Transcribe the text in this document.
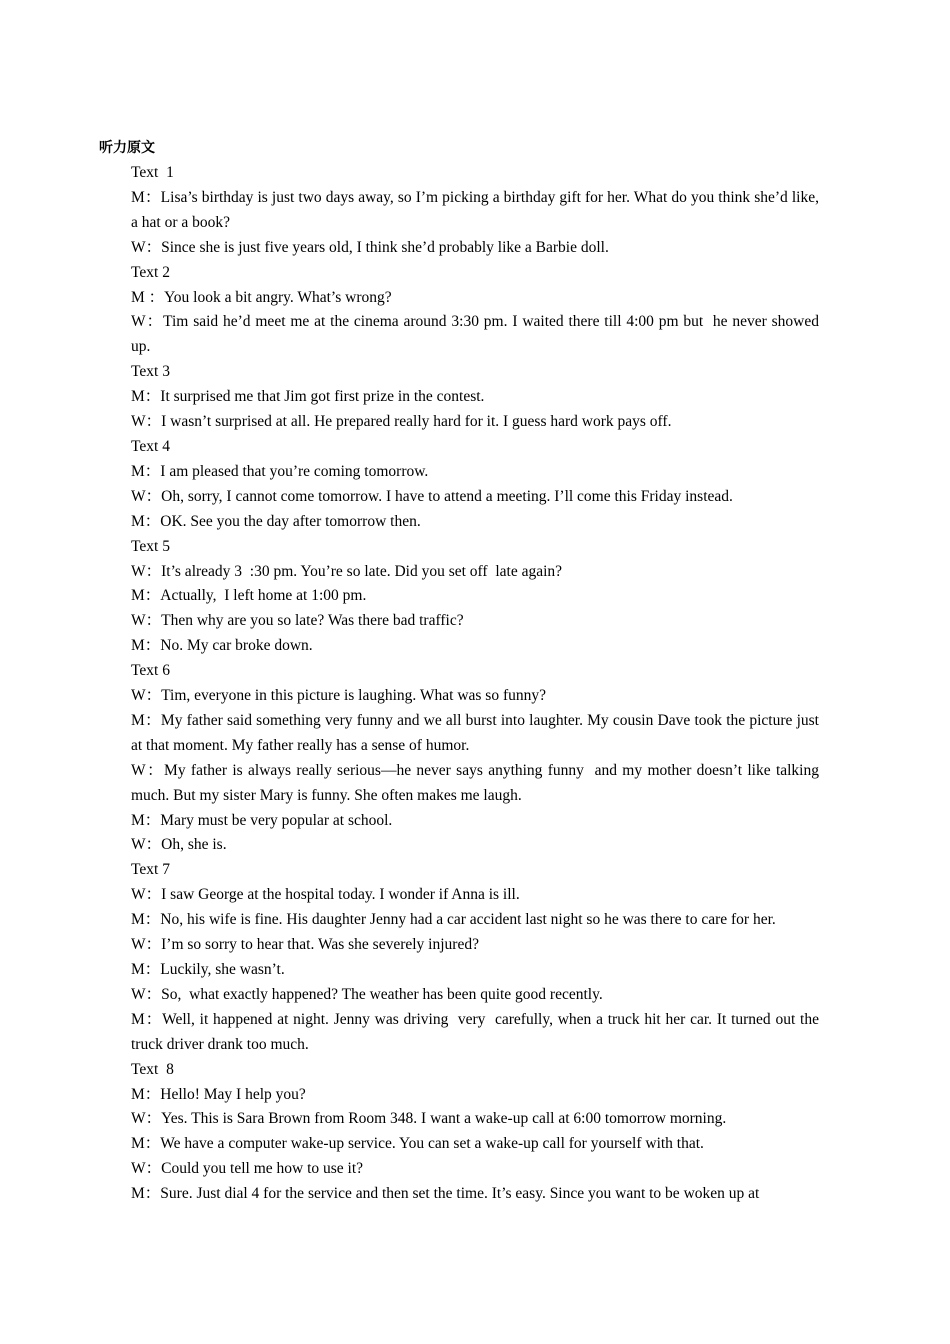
听力原文

Text  1

M：Lisa’s birthday is just two days away, so I’m picking a birthday gift for her. What do you think she’d like, a hat or a book?

W：Since she is just five years old, I think she’d probably like a Barbie doll.

Text 2

M ：You look a bit angry. What’s wrong?

W：Tim said he’d meet me at the cinema around 3:30 pm. I waited there till 4:00 pm but  he never showed up.

Text 3

M：It surprised me that Jim got first prize in the contest.

W：I wasn’t surprised at all. He prepared really hard for it. I guess hard work pays off.

Text 4

M：I am pleased that you’re coming tomorrow.

W：Oh, sorry, I cannot come tomorrow. I have to attend a meeting. I’ll come this Friday instead.

M：OK. See you the day after tomorrow then.

Text 5

W：It’s already 3  :30 pm. You’re so late. Did you set off  late again?

M：Actually,  I left home at 1:00 pm.

W：Then why are you so late? Was there bad traffic?

M：No. My car broke down.

Text 6

W：Tim, everyone in this picture is laughing. What was so funny?

M：My father said something very funny and we all burst into laughter. My cousin Dave took the picture just at that moment. My father really has a sense of humor.

W：My father is always really serious—he never says anything funny  and my mother doesn’t like talking much. But my sister Mary is funny. She often makes me laugh.

M：Mary must be very popular at school.

W：Oh, she is.

Text 7

W：I saw George at the hospital today. I wonder if Anna is ill.

M：No, his wife is fine. His daughter Jenny had a car accident last night so he was there to care for her.

W：I’m so sorry to hear that. Was she severely injured?

M：Luckily, she wasn’t.

W：So,  what exactly happened? The weather has been quite good recently.

M：Well, it happened at night. Jenny was driving  very  carefully, when a truck hit her car. It turned out the truck driver drank too much.

Text  8

M：Hello! May I help you?

W：Yes. This is Sara Brown from Room 348. I want a wake-up call at 6:00 tomorrow morning.

M：We have a computer wake-up service. You can set a wake-up call for yourself with that.

W：Could you tell me how to use it?

M：Sure. Just dial 4 for the service and then set the time. It’s easy. Since you want to be woken up at
